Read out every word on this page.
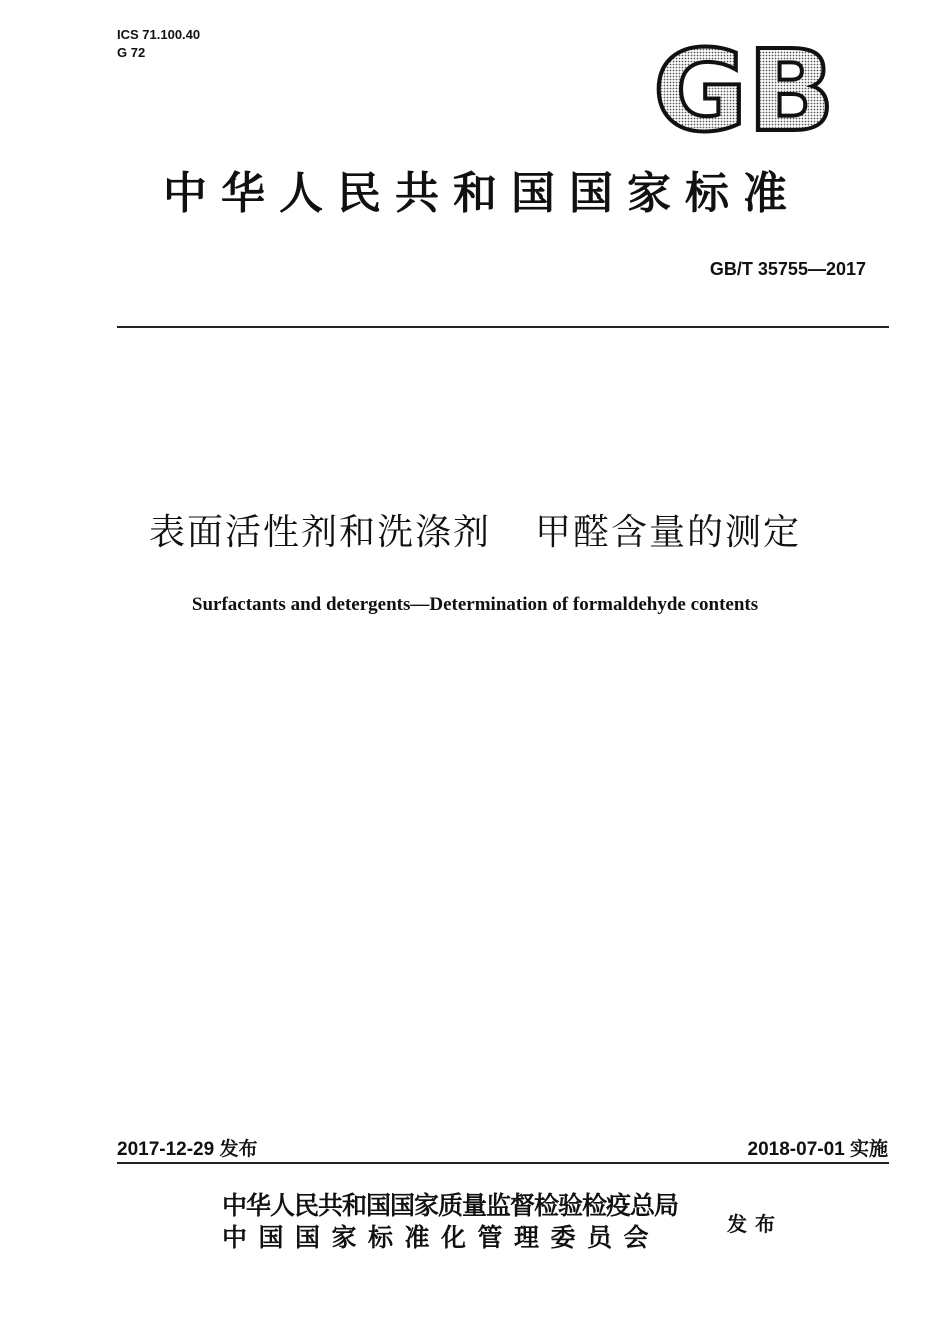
ICS 71.100.40
G 72	GB
中华人民共和国国家标准
GB/T 35755—2017
表面活性剂和洗涤剂 甲醛含量的测定
Surfactants and detergents—Determination of formaldehyde contents
2017-12-29 发布	2018-07-01 实施
中华人民共和国国家质量监督检验检疫总局
中国国家标准化管理委员会	发布
